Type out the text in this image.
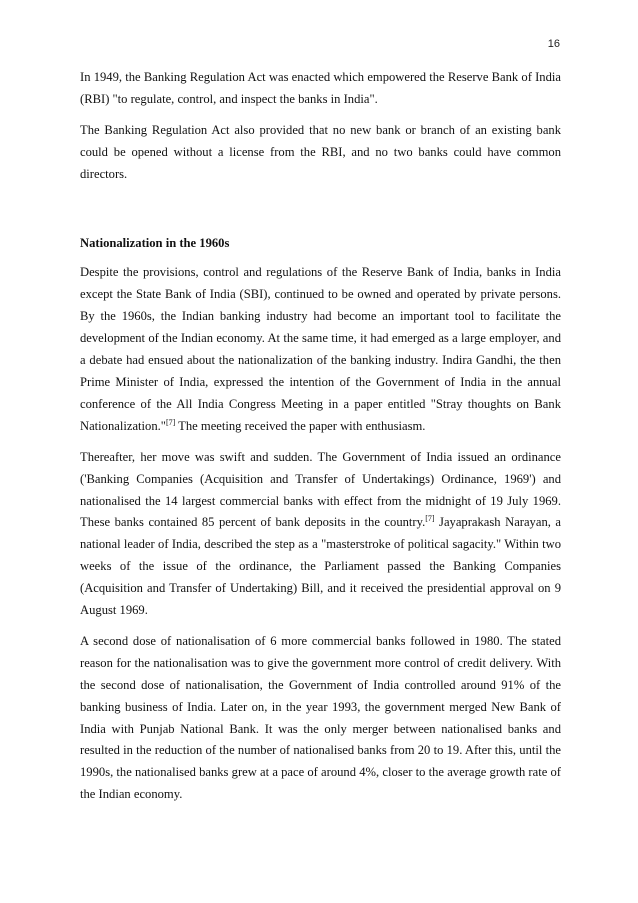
16

In 1949, the Banking Regulation Act was enacted which empowered the Reserve Bank of India (RBI) "to regulate, control, and inspect the banks in India".

The Banking Regulation Act also provided that no new bank or branch of an existing bank could be opened without a license from the RBI, and no two banks could have common directors.

Nationalization in the 1960s

Despite the provisions, control and regulations of the Reserve Bank of India, banks in India except the State Bank of India (SBI), continued to be owned and operated by private persons. By the 1960s, the Indian banking industry had become an important tool to facilitate the development of the Indian economy. At the same time, it had emerged as a large employer, and a debate had ensued about the nationalization of the banking industry. Indira Gandhi, the then Prime Minister of India, expressed the intention of the Government of India in the annual conference of the All India Congress Meeting in a paper entitled "Stray thoughts on Bank Nationalization."[7] The meeting received the paper with enthusiasm.

Thereafter, her move was swift and sudden. The Government of India issued an ordinance ('Banking Companies (Acquisition and Transfer of Undertakings) Ordinance, 1969') and nationalised the 14 largest commercial banks with effect from the midnight of 19 July 1969. These banks contained 85 percent of bank deposits in the country.[7] Jayaprakash Narayan, a national leader of India, described the step as a "masterstroke of political sagacity." Within two weeks of the issue of the ordinance, the Parliament passed the Banking Companies (Acquisition and Transfer of Undertaking) Bill, and it received the presidential approval on 9 August 1969.

A second dose of nationalisation of 6 more commercial banks followed in 1980. The stated reason for the nationalisation was to give the government more control of credit delivery. With the second dose of nationalisation, the Government of India controlled around 91% of the banking business of India. Later on, in the year 1993, the government merged New Bank of India with Punjab National Bank. It was the only merger between nationalised banks and resulted in the reduction of the number of nationalised banks from 20 to 19. After this, until the 1990s, the nationalised banks grew at a pace of around 4%, closer to the average growth rate of the Indian economy.
